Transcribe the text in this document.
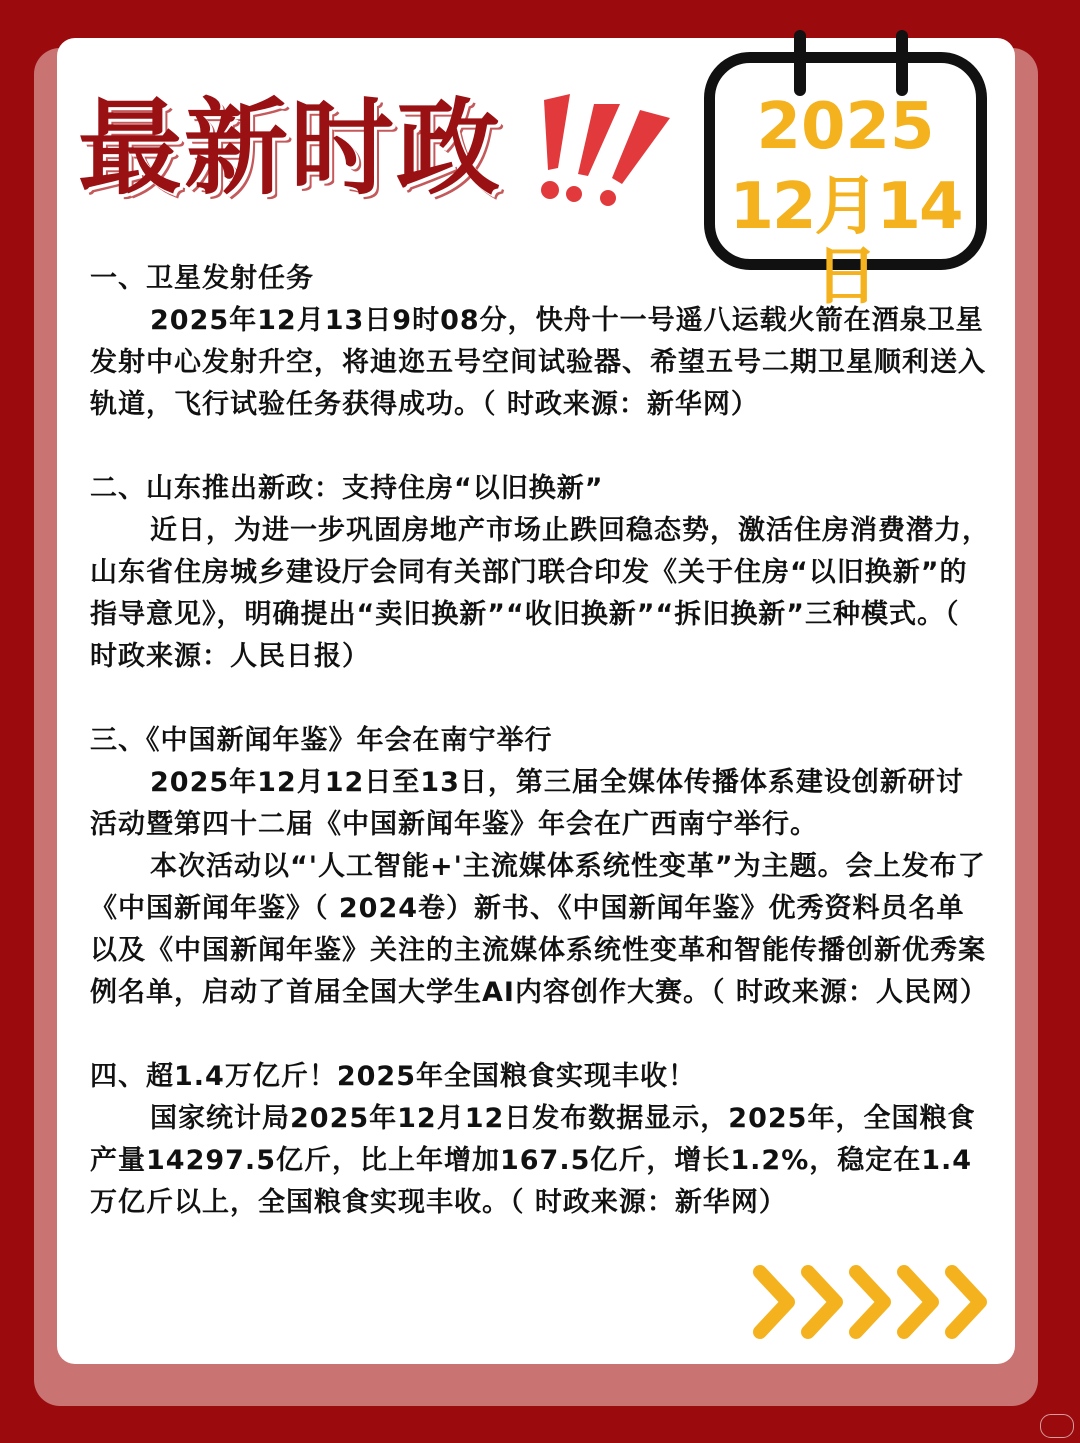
最新时政	2025
12月14日

一、卫星发射任务

2025年12月13日9时08分，快舟十一号遥八运载火箭在酒泉卫星发射中心发射升空，将迪迩五号空间试验器、希望五号二期卫星顺利送入轨道，飞行试验任务获得成功。（ 时政来源：新华网）

二、山东推出新政：支持住房“以旧换新”

近日，为进一步巩固房地产市场止跌回稳态势，激活住房消费潜力，山东省住房城乡建设厅会同有关部门联合印发《关于住房“以旧换新”的指导意见》，明确提出“卖旧换新”“收旧换新”“拆旧换新”三种模式。（ 时政来源：人民日报）

三、《中国新闻年鉴》年会在南宁举行

2025年12月12日至13日，第三届全媒体传播体系建设创新研讨活动暨第四十二届《中国新闻年鉴》年会在广西南宁举行。

本次活动以“'人工智能+'主流媒体系统性变革”为主题。会上发布了《中国新闻年鉴》（ 2024卷）新书、《中国新闻年鉴》优秀资料员名单以及《中国新闻年鉴》关注的主流媒体系统性变革和智能传播创新优秀案例名单，启动了首届全国大学生AI内容创作大赛。（ 时政来源：人民网）

四、超1.4万亿斤！2025年全国粮食实现丰收！

国家统计局2025年12月12日发布数据显示，2025年，全国粮食产量14297.5亿斤，比上年增加167.5亿斤，增长1.2%，稳定在1.4万亿斤以上，全国粮食实现丰收。（ 时政来源：新华网）
